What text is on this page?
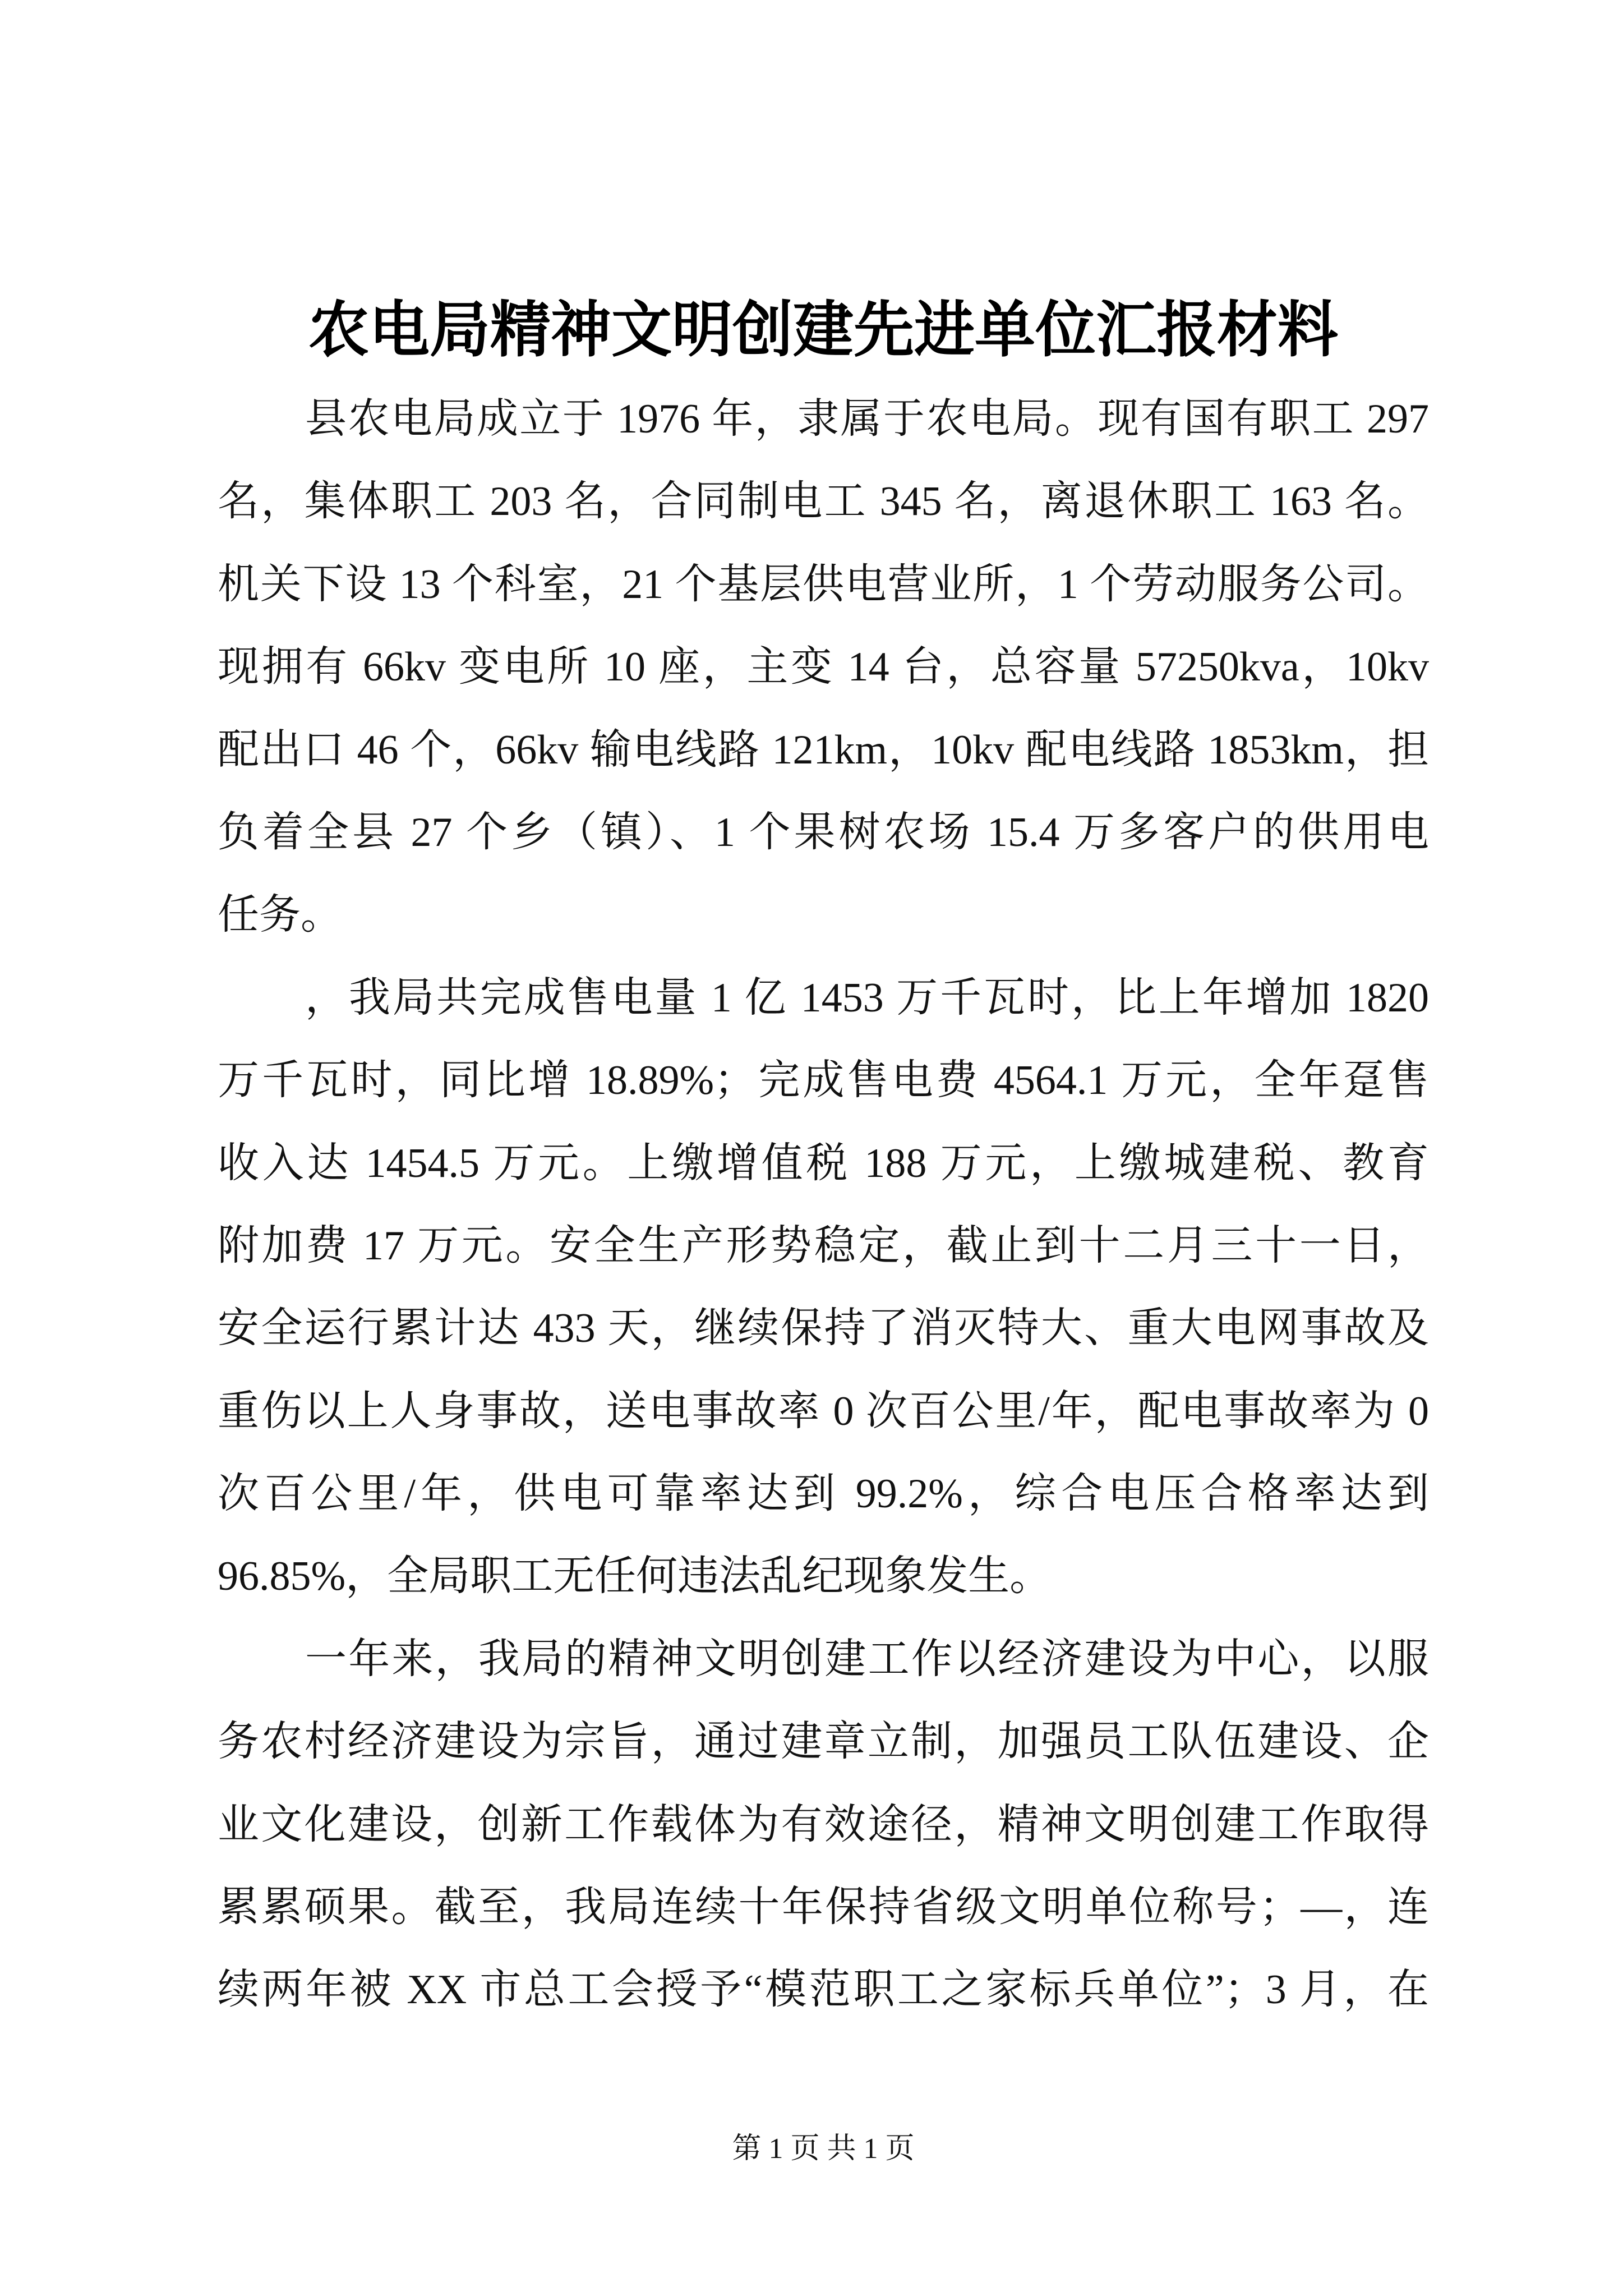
农电局精神文明创建先进单位汇报材料
县农电局成立于 1976 年，隶属于农电局。现有国有职工 297
名，集体职工 203 名，合同制电工 345 名，离退休职工 163 名。
机关下设 13 个科室，21 个基层供电营业所，1 个劳动服务公司。
现拥有 66kv 变电所 10 座，主变 14 台，总容量 57250kva，10kv
配出口 46 个，66kv 输电线路 121km，10kv 配电线路 1853km，担
负着全县 27 个乡（镇）、1 个果树农场 15.4 万多客户的供用电
任务。
，我局共完成售电量 1 亿 1453 万千瓦时，比上年增加 1820
万千瓦时，同比增 18.89%；完成售电费 4564.1 万元，全年趸售
收入达 1454.5 万元。上缴增值税 188 万元，上缴城建税、教育
附加费 17 万元。安全生产形势稳定，截止到十二月三十一日，
安全运行累计达 433 天，继续保持了消灭特大、重大电网事故及
重伤以上人身事故，送电事故率 0 次百公里/年，配电事故率为 0
次百公里/年，供电可靠率达到 99.2%，综合电压合格率达到
96.85%，全局职工无任何违法乱纪现象发生。
一年来，我局的精神文明创建工作以经济建设为中心，以服
务农村经济建设为宗旨，通过建章立制，加强员工队伍建设、企
业文化建设，创新工作载体为有效途径，精神文明创建工作取得
累累硕果。截至，我局连续十年保持省级文明单位称号；—，连
续两年被 XX 市总工会授予“模范职工之家标兵单位”；3 月，在
第 1 页 共 1 页
